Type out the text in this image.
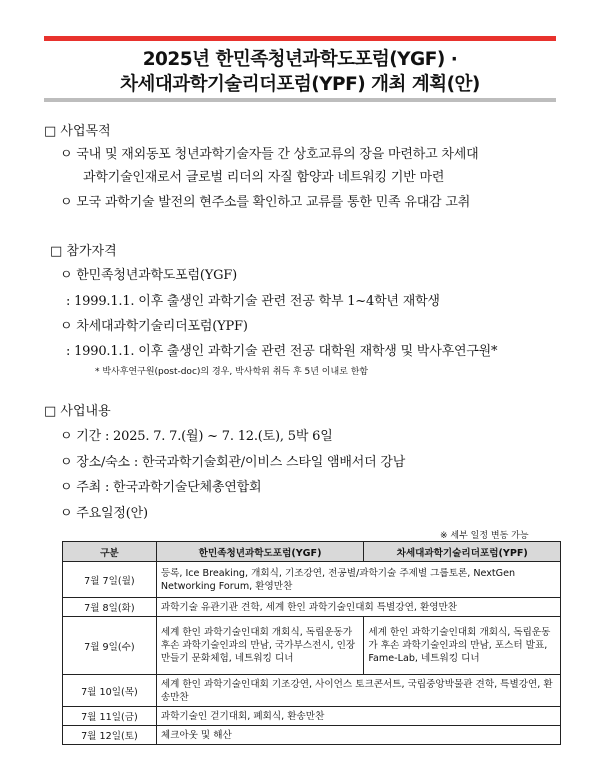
2025년 한민족청년과학도포럼(YGF) ·
차세대과학기술리더포럼(YPF) 개최 계획(안)
□ 사업목적
ㅇ 국내 및 재외동포 청년과학기술자들 간 상호교류의 장을 마련하고 차세대
과학기술인재로서 글로벌 리더의 자질 함양과 네트워킹 기반 마련
ㅇ 모국 과학기술 발전의 현주소를 확인하고 교류를 통한 민족 유대감 고취
□ 참가자격
ㅇ 한민족청년과학도포럼(YGF)
: 1999.1.1. 이후 출생인 과학기술 관련 전공 학부 1~4학년 재학생
ㅇ 차세대과학기술리더포럼(YPF)
: 1990.1.1. 이후 출생인 과학기술 관련 전공 대학원 재학생 및 박사후연구원*
* 박사후연구원(post-doc)의 경우, 박사학위 취득 후 5년 이내로 한함
□ 사업내용
ㅇ 기간 : 2025. 7. 7.(월) ~ 7. 12.(토), 5박 6일
ㅇ 장소/숙소 : 한국과학기술회관/이비스 스타일 앰배서더 강남
ㅇ 주최 : 한국과학기술단체총연합회
ㅇ 주요일정(안)
※ 세부 일정 변동 가능
구분	한민족청년과학도포럼(YGF)	차세대과학기술리더포럼(YPF)
7월 7일(월)	등록, Ice Breaking, 개회식, 기조강연, 전공별/과학기술 주제별 그룹토론, NextGen Networking Forum, 환영만찬	
7월 8일(화)	과학기술 유관기관 견학, 세계 한인 과학기술인대회 특별강연, 환영만찬	
7월 9일(수)	세계 한인 과학기술인대회 개회식, 독립운동가 후손 과학기술인과의 만남, 국가부스전시, 인장만들기 문화체험, 네트워킹 디너	세계 한인 과학기술인대회 개회식, 독립운동가 후손 과학기술인과의 만남, 포스터 발표, Fame-Lab, 네트워킹 디너
7월 10일(목)	세계 한인 과학기술인대회 기조강연, 사이언스 토크콘서트, 국립중앙박물관 견학, 특별강연, 환송만찬	
7월 11일(금)	과학기술인 걷기대회, 폐회식, 환송만찬	
7월 12일(토)	체크아웃 및 해산	
